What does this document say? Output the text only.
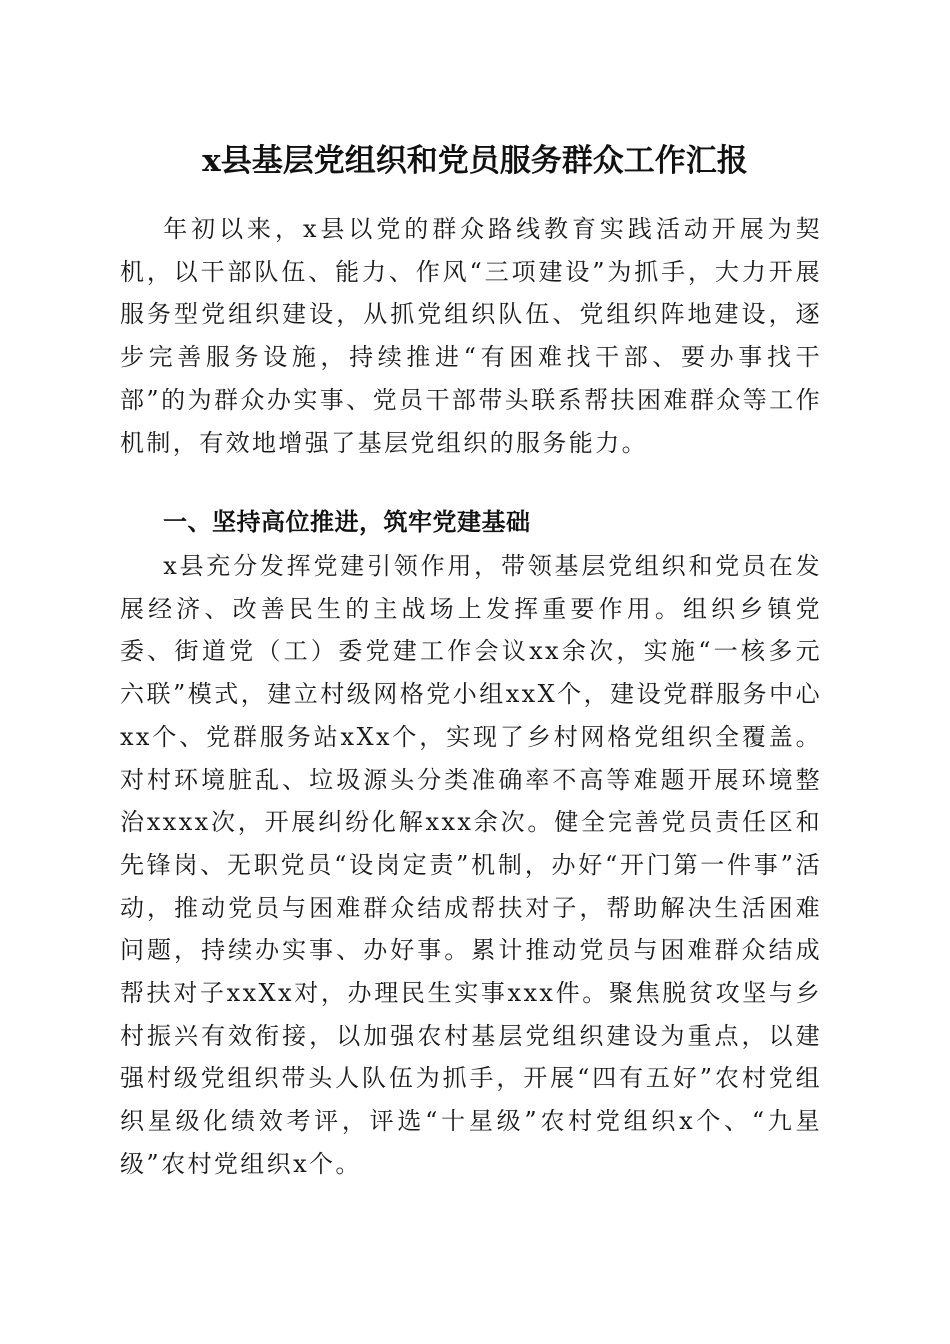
x县基层党组织和党员服务群众工作汇报

年初以来，x县以党的群众路线教育实践活动开展为契机，以干部队伍、能力、作风“三项建设”为抓手，大力开展服务型党组织建设，从抓党组织队伍、党组织阵地建设，逐步完善服务设施，持续推进“有困难找干部、要办事找干部”的为群众办实事、党员干部带头联系帮扶困难群众等工作机制，有效地增强了基层党组织的服务能力。

一、坚持高位推进，筑牢党建基础

x县充分发挥党建引领作用，带领基层党组织和党员在发展经济、改善民生的主战场上发挥重要作用。组织乡镇党委、街道党（工）委党建工作会议xx余次，实施“一核多元六联”模式，建立村级网格党小组xxX个，建设党群服务中心xx个、党群服务站xXx个，实现了乡村网格党组织全覆盖。对村环境脏乱、垃圾源头分类准确率不高等难题开展环境整治xxxx次，开展纠纷化解xxx余次。健全完善党员责任区和先锋岗、无职党员“设岗定责”机制，办好“开门第一件事”活动，推动党员与困难群众结成帮扶对子，帮助解决生活困难问题，持续办实事、办好事。累计推动党员与困难群众结成帮扶对子xxXx对，办理民生实事xxx件。聚焦脱贫攻坚与乡村振兴有效衔接，以加强农村基层党组织建设为重点，以建强村级党组织带头人队伍为抓手，开展“四有五好”农村党组织星级化绩效考评，评选“十星级”农村党组织x个、“九星级”农村党组织x个。
